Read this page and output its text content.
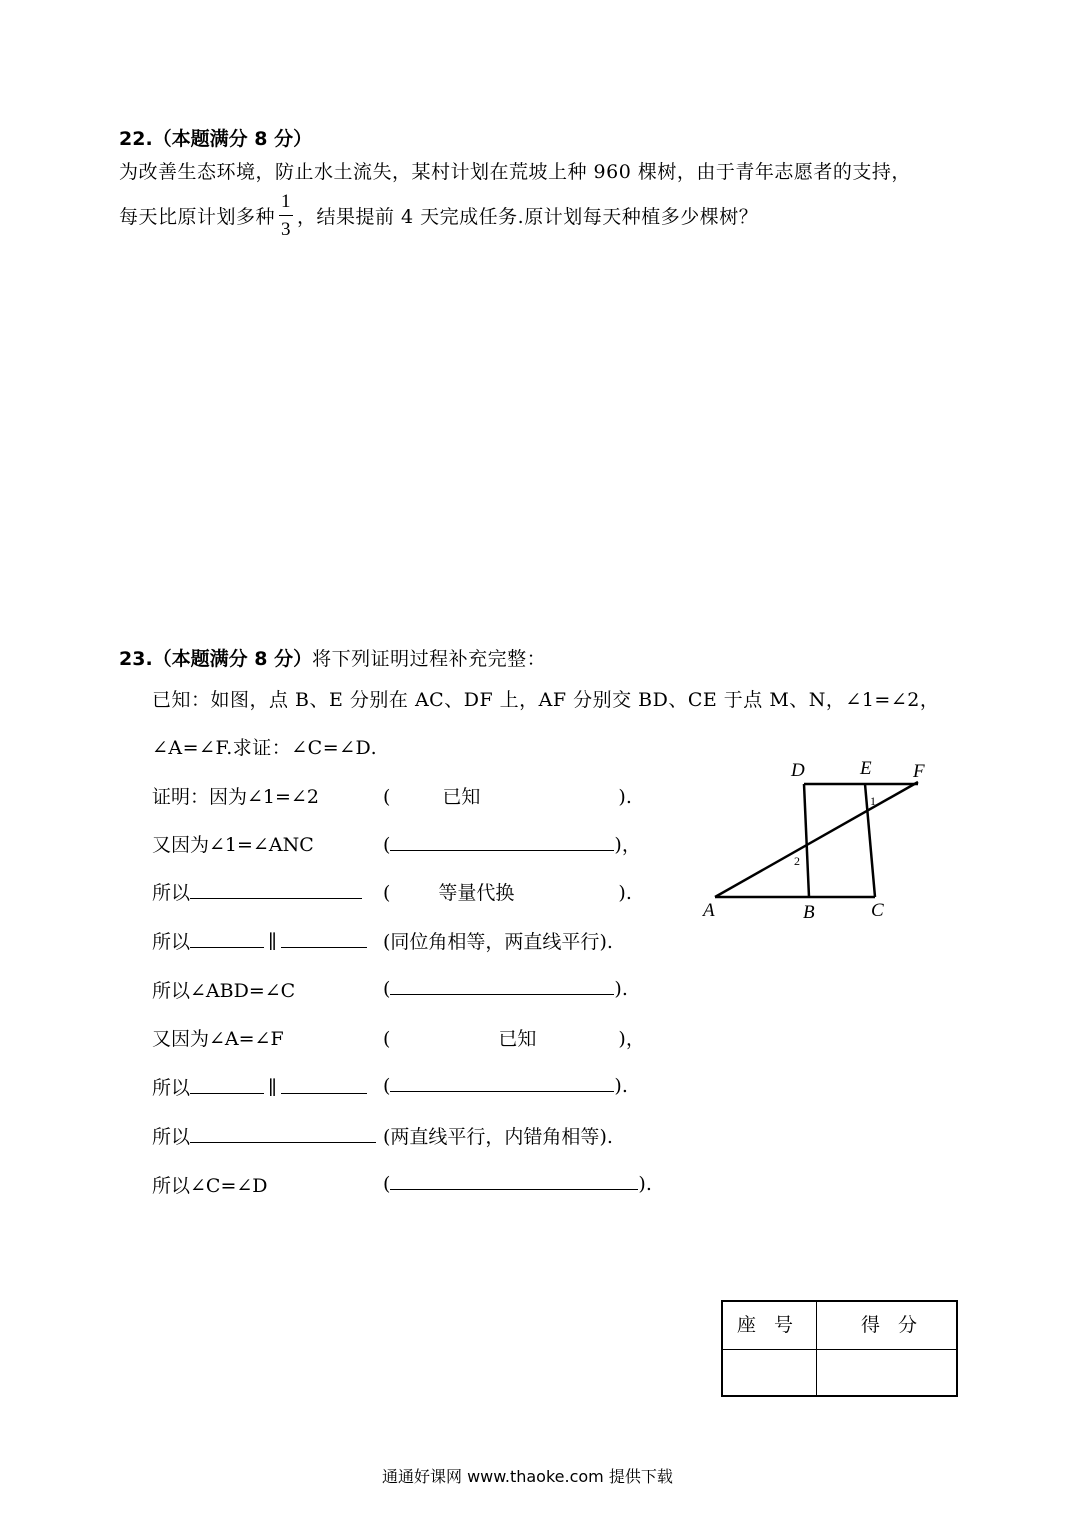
22.（本题满分 8 分）
为改善生态环境，防止水土流失，某村计划在荒坡上种 960 棵树，由于青年志愿者的支持，
每天比原计划多种 $\frac{1}{3}$ ，结果提前 4 天完成任务.原计划每天种植多少棵树？
23.（本题满分 8 分）将下列证明过程补充完整：
已知：如图，点 B、E 分别在 AC、DF 上，AF 分别交 BD、CE 于点 M、N，∠1=∠2，
∠A=∠F.求证：∠C=∠D.
证明：因为∠1=∠2	(	已知	).
又因为∠1=∠ANC	(	)，
所以	(	等量代换	).
所以	∥	(同位角相等，两直线平行).
所以∠ABD=∠C	(	).
又因为∠A=∠F	(	已知	)，
所以	∥	(	).
所以	(两直线平行，内错角相等).
所以∠C=∠D	(	).
D	E F
A	B	C
1
2
座 号	得 分
通通好课网 www.thaoke.com 提供下载
